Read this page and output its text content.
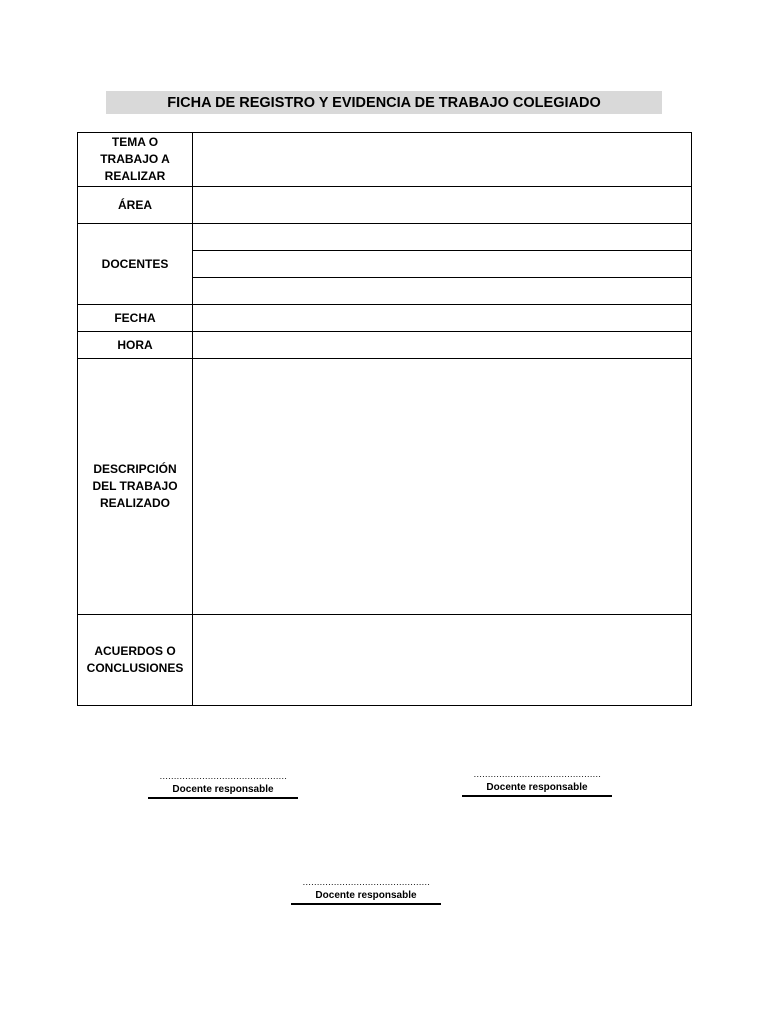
FICHA DE REGISTRO Y EVIDENCIA DE TRABAJO COLEGIADO
TEMA O TRABAJO A REALIZAR	
ÁREA	
DOCENTES	

FECHA	
HORA	
DESCRIPCIÓN DEL TRABAJO REALIZADO	
ACUERDOS O CONCLUSIONES	
………………………………………
Docente responsable
………………………………………
Docente responsable
………………………………………
Docente responsable
